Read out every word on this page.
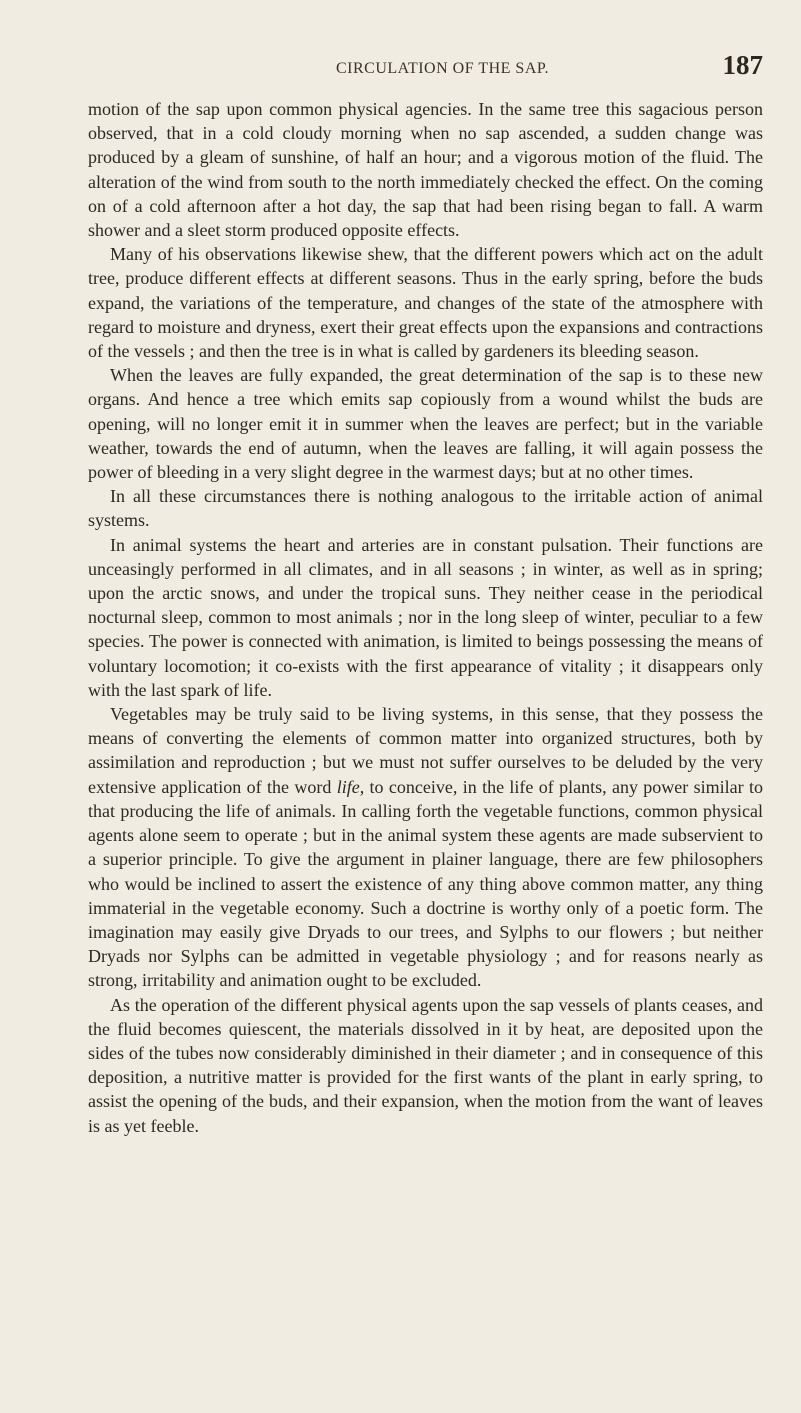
CIRCULATION OF THE SAP.	187

motion of the sap upon common physical agencies. In the same tree this sagacious person observed, that in a cold cloudy morning when no sap ascended, a sudden change was produced by a gleam of sunshine, of half an hour; and a vigorous motion of the fluid. The alteration of the wind from south to the north immediately checked the effect. On the coming on of a cold afternoon after a hot day, the sap that had been rising began to fall. A warm shower and a sleet storm produced opposite effects.

Many of his observations likewise shew, that the different powers which act on the adult tree, produce different effects at different seasons. Thus in the early spring, before the buds expand, the variations of the temperature, and changes of the state of the atmosphere with regard to moisture and dryness, exert their great effects upon the expansions and contractions of the vessels ; and then the tree is in what is called by gardeners its bleeding season.

When the leaves are fully expanded, the great determination of the sap is to these new organs. And hence a tree which emits sap copiously from a wound whilst the buds are opening, will no longer emit it in summer when the leaves are perfect; but in the variable weather, towards the end of autumn, when the leaves are falling, it will again possess the power of bleeding in a very slight degree in the warmest days; but at no other times.

In all these circumstances there is nothing analogous to the irritable action of animal systems.

In animal systems the heart and arteries are in constant pulsation. Their functions are unceasingly performed in all climates, and in all seasons ; in winter, as well as in spring; upon the arctic snows, and under the tropical suns. They neither cease in the periodical nocturnal sleep, common to most animals ; nor in the long sleep of winter, peculiar to a few species. The power is connected with animation, is limited to beings possessing the means of voluntary locomotion; it co-exists with the first appearance of vitality ; it disappears only with the last spark of life.

Vegetables may be truly said to be living systems, in this sense, that they possess the means of converting the elements of common matter into organized structures, both by assimilation and reproduction ; but we must not suffer ourselves to be deluded by the very extensive application of the word life, to conceive, in the life of plants, any power similar to that producing the life of animals. In calling forth the vegetable functions, common physical agents alone seem to operate ; but in the animal system these agents are made subservient to a superior principle. To give the argument in plainer language, there are few philosophers who would be inclined to assert the existence of any thing above common matter, any thing immaterial in the vegetable economy. Such a doctrine is worthy only of a poetic form. The imagination may easily give Dryads to our trees, and Sylphs to our flowers ; but neither Dryads nor Sylphs can be admitted in vegetable physiology ; and for reasons nearly as strong, irritability and animation ought to be excluded.

As the operation of the different physical agents upon the sap vessels of plants ceases, and the fluid becomes quiescent, the materials dissolved in it by heat, are deposited upon the sides of the tubes now considerably diminished in their diameter ; and in consequence of this deposition, a nutritive matter is provided for the first wants of the plant in early spring, to assist the opening of the buds, and their expansion, when the motion from the want of leaves is as yet feeble.
